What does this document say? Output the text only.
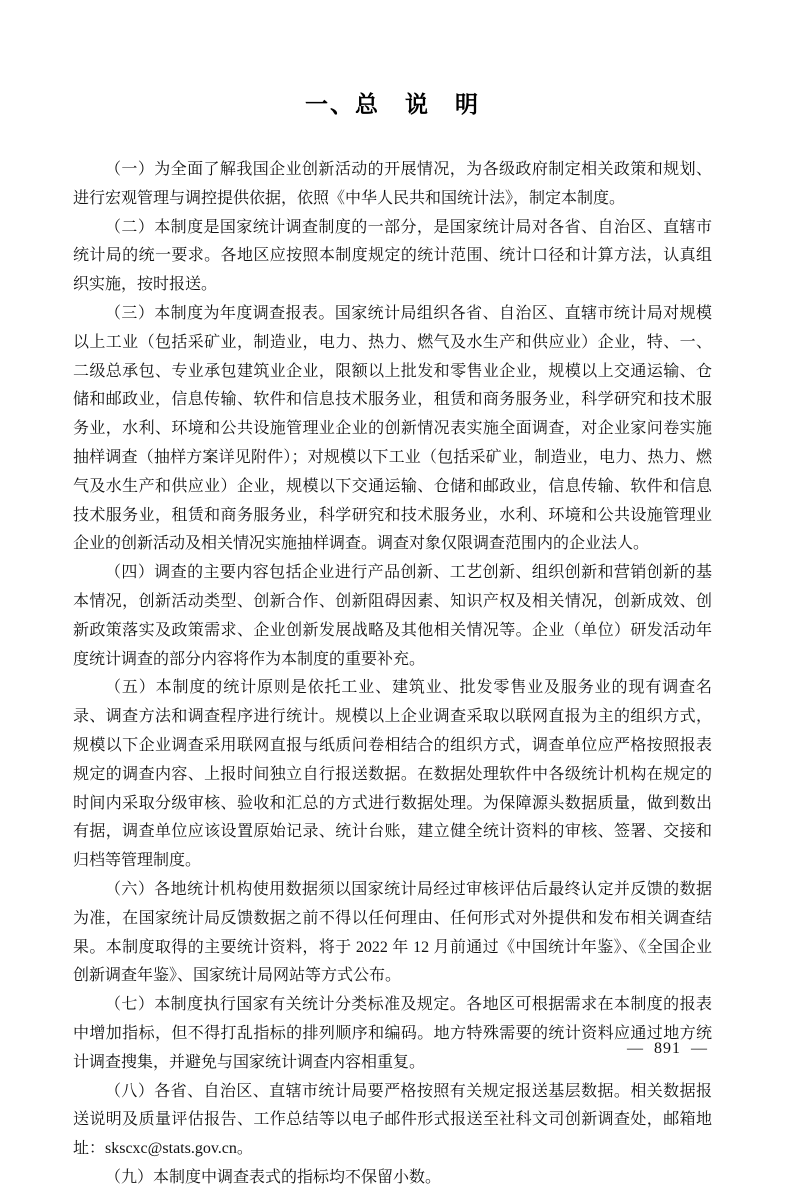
一、总　说　明

（一）为全面了解我国企业创新活动的开展情况，为各级政府制定相关政策和规划、进行宏观管理与调控提供依据，依照《中华人民共和国统计法》，制定本制度。

（二）本制度是国家统计调查制度的一部分，是国家统计局对各省、自治区、直辖市统计局的统一要求。各地区应按照本制度规定的统计范围、统计口径和计算方法，认真组织实施，按时报送。

（三）本制度为年度调查报表。国家统计局组织各省、自治区、直辖市统计局对规模以上工业（包括采矿业，制造业，电力、热力、燃气及水生产和供应业）企业，特、一、二级总承包、专业承包建筑业企业，限额以上批发和零售业企业，规模以上交通运输、仓储和邮政业，信息传输、软件和信息技术服务业，租赁和商务服务业，科学研究和技术服务业，水利、环境和公共设施管理业企业的创新情况表实施全面调查，对企业家问卷实施抽样调查（抽样方案详见附件）；对规模以下工业（包括采矿业，制造业，电力、热力、燃气及水生产和供应业）企业，规模以下交通运输、仓储和邮政业，信息传输、软件和信息技术服务业，租赁和商务服务业，科学研究和技术服务业，水利、环境和公共设施管理业企业的创新活动及相关情况实施抽样调查。调查对象仅限调查范围内的企业法人。

（四）调查的主要内容包括企业进行产品创新、工艺创新、组织创新和营销创新的基本情况，创新活动类型、创新合作、创新阻碍因素、知识产权及相关情况，创新成效、创新政策落实及政策需求、企业创新发展战略及其他相关情况等。企业（单位）研发活动年度统计调查的部分内容将作为本制度的重要补充。

（五）本制度的统计原则是依托工业、建筑业、批发零售业及服务业的现有调查名录、调查方法和调查程序进行统计。规模以上企业调查采取以联网直报为主的组织方式，规模以下企业调查采用联网直报与纸质问卷相结合的组织方式，调查单位应严格按照报表规定的调查内容、上报时间独立自行报送数据。在数据处理软件中各级统计机构在规定的时间内采取分级审核、验收和汇总的方式进行数据处理。为保障源头数据质量，做到数出有据，调查单位应该设置原始记录、统计台账，建立健全统计资料的审核、签署、交接和归档等管理制度。

（六）各地统计机构使用数据须以国家统计局经过审核评估后最终认定并反馈的数据为准，在国家统计局反馈数据之前不得以任何理由、任何形式对外提供和发布相关调查结果。本制度取得的主要统计资料，将于 2022 年 12 月前通过《中国统计年鉴》、《全国企业创新调查年鉴》、国家统计局网站等方式公布。

（七）本制度执行国家有关统计分类标准及规定。各地区可根据需求在本制度的报表中增加指标，但不得打乱指标的排列顺序和编码。地方特殊需要的统计资料应通过地方统计调查搜集，并避免与国家统计调查内容相重复。

（八）各省、自治区、直辖市统计局要严格按照有关规定报送基层数据。相关数据报送说明及质量评估报告、工作总结等以电子邮件形式报送至社科文司创新调查处，邮箱地址：skscxc@stats.gov.cn。

（九）本制度中调查表式的指标均不保留小数。

—  891  —
